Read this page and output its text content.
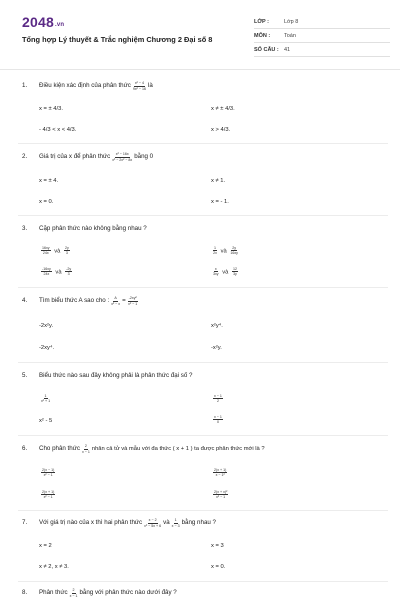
2048.vn
Tổng hợp Lý thuyết & Trắc nghiệm Chương 2 Đại số 8
LỚP :	Lớp 8
MÔN :	Toán
SỐ CÂU : 41
1.	Điều kiện xác định của phân thức $\frac{\text{x² − 4}}{\text{9x² − 16}}$ là
x = ± 4/3.	x ≠ ± 4/3.
- 4/3 < x < 4/3.	x > 4/3.
2.	Giá trị của x để phân thức $\frac{\text{x² − 16x}}{\text{x³ − 2x² − 8x}}$ bằng 0
x = ± 4.	x ≠ 1.
x = 0.	x = - 1.
3.	Cặp phân thức nào không bằng nhau ?
$\frac{16xy}{24x}$ và $\frac{2y}{3}$	$\frac{1}{2x}$ và $\frac{2y}{16xy}$
$\frac{-16xy}{24x}$ và $\frac{-2y}{3}$	$\frac{x}{3xy}$ và $\frac{12}{3y}$
4.	Tìm biểu thức A sao cho : $\frac{A}{\text{x² − x}} = \frac{\text{-2xy²}}{\text{x² − 1}}$
-2x²y.	x²y⁴.
-2xy⁴.	-x²y.
5.	Biểu thức nào sau đây không phải là phân thức đại số ?
$\frac{1}{\text{x² + 1}}$	$\frac{x - 1}{2}$
x² - 5	$\frac{x - 1}{0}$
6.	Cho phân thức $\frac{2}{x - 1}$ nhân cả tử và mẫu với đa thức ( x + 1 ) ta được phân thức mới là ?
$\frac{2(x - 1)}{\text{x² − 1}}$	$\frac{2(x + 1)}{\text{x − 1²}}$
$\frac{2(x + 1)}{\text{x² − 1}}$	$\frac{\text{2(x + x)²}}{\text{x² − 1}}$
7.	Với giá trị nào của x thì hai phân thức $\frac{x - 2}{\text{x² − 5x + 6}}$ và $\frac{1}{x - 3}$ bằng nhau ?
x = 2	x = 3
x ≠ 2, x ≠ 3.	x = 0.
8.	Phân thức $\frac{2}{x - 1}$ bằng với phân thức nào dưới đây ?
